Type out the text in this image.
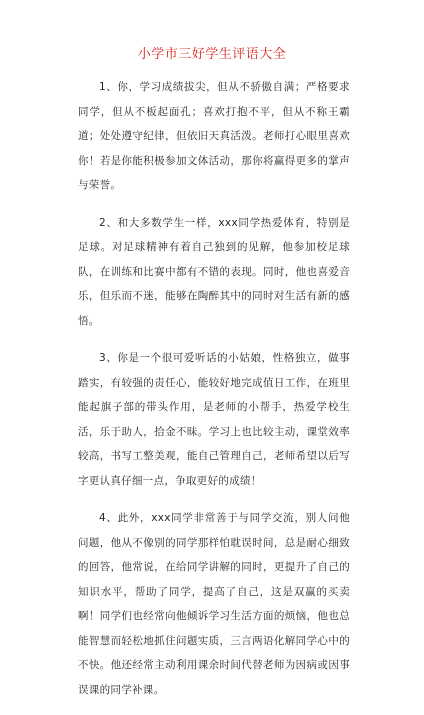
小学市三好学生评语大全

1、你，学习成绩拔尖，但从不骄傲自满；严格要求同学，但从不板起面孔；喜欢打抱不平，但从不称王霸道；处处遵守纪律，但依旧天真活泼。老师打心眼里喜欢你！若是你能积极参加文体活动，那你将赢得更多的掌声与荣誉。

2、和大多数学生一样，xxx同学热爱体育，特别是足球。对足球精神有着自己独到的见解，他参加校足球队，在训练和比赛中都有不错的表现。同时，他也喜爱音乐，但乐而不迷，能够在陶醉其中的同时对生活有新的感悟。

3、你是一个很可爱听话的小姑娘，性格独立，做事踏实，有较强的责任心，能较好地完成值日工作，在班里能起旗子部的带头作用，是老师的小帮手，热爱学校生活，乐于助人，拾金不昧。学习上也比较主动，课堂效率较高，书写工整美观，能自己管理自己，老师希望以后写字更认真仔细一点，争取更好的成绩！

4、此外，xxx同学非常善于与同学交流，别人问他问题，他从不像别的同学那样怕耽误时间，总是耐心细致的回答，他常说，在给同学讲解的同时，更提升了自己的知识水平，帮助了同学，提高了自己，这是双赢的买卖啊！同学们也经常向他倾诉学习生活方面的烦恼，他也总能智慧而轻松地抓住问题实质，三言两语化解同学心中的不快。他还经常主动利用课余时间代替老师为因病或因事误课的同学补课。
